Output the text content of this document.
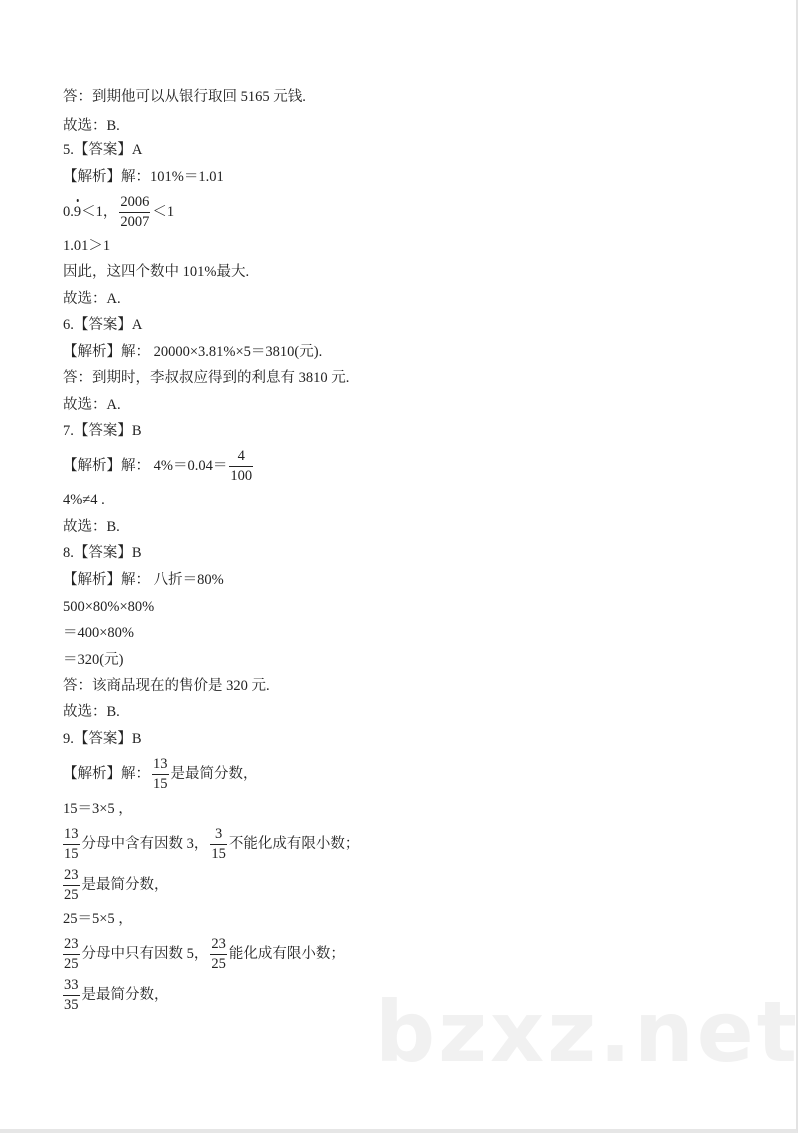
答：到期他可以从银行取回 5165 元钱.
故选：B.
5.【答案】A
【解析】解：101%＝1.01
0. 9 ＜1， $\frac{2006}{2007} <1$
1.01＞1
因此，这四个数中 101%最大.
故选：A.
6.【答案】A
【解析】解： 20000×3.81%×5＝3810(元).
答：到期时，李叔叔应得到的利息有 3810 元.
故选：A.
7.【答案】B
【解析】解： $4\%=0.04= \frac{4}{100}$
4%≠4 .
故选：B.
8.【答案】B
【解析】解： 八折＝80%
500×80%×80%
＝400×80%
＝320(元)
答：该商品现在的售价是 320 元.
故选：B.
9.【答案】B
【解析】解： $\frac{13}{15}$ 是最简分数，
15＝3×5 ，
$\frac{13}{15}$ 分母中含有因数 3， $\frac{3}{15}$ 不能化成有限小数；
$\frac{23}{25}$ 是最简分数，
25＝5×5 ，
$\frac{23}{25}$ 分母中只有因数 5， $\frac{23}{25}$ 能化成有限小数；
$\frac{33}{35}$ 是最简分数， bzxz.net
